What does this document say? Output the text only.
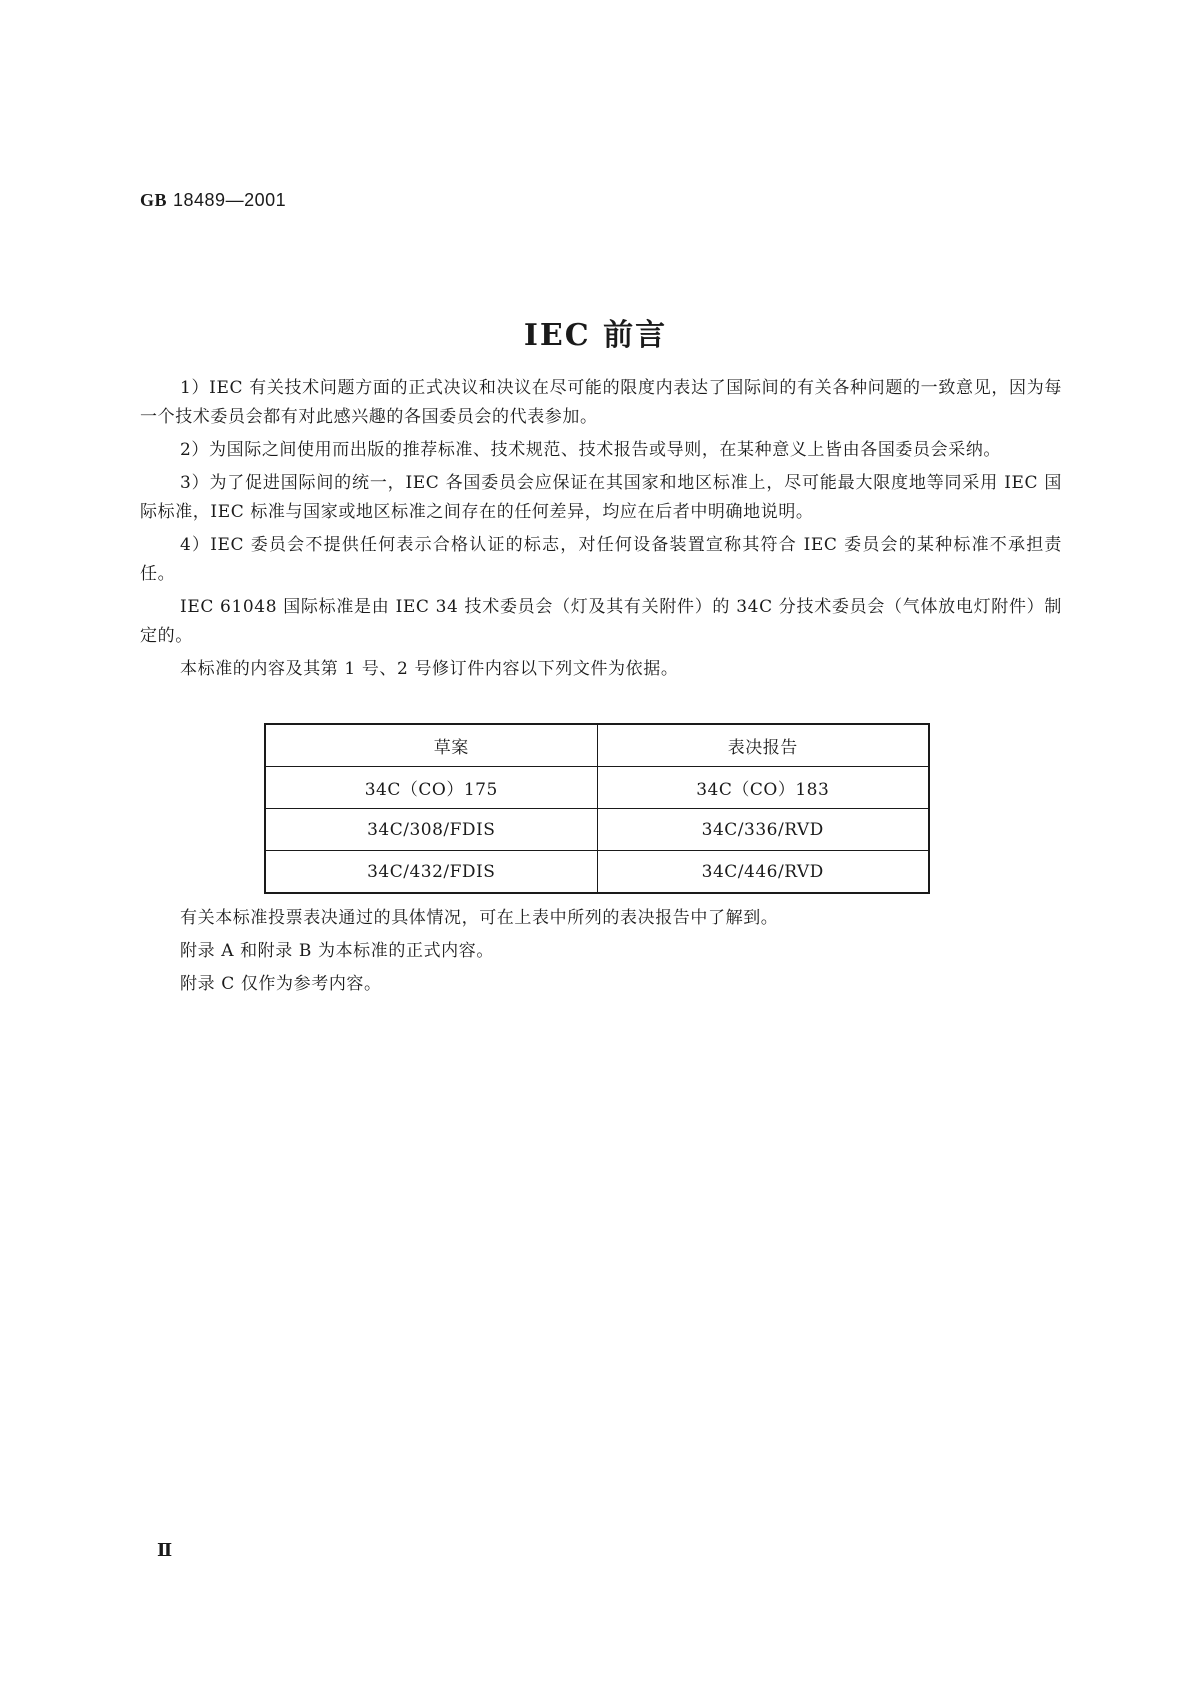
GB 18489—2001
IEC 前言

1）IEC 有关技术问题方面的正式决议和决议在尽可能的限度内表达了国际间的有关各种问题的一致意见，因为每一个技术委员会都有对此感兴趣的各国委员会的代表参加。

2）为国际之间使用而出版的推荐标准、技术规范、技术报告或导则，在某种意义上皆由各国委员会采纳。

3）为了促进国际间的统一，IEC 各国委员会应保证在其国家和地区标准上，尽可能最大限度地等同采用 IEC 国际标准，IEC 标准与国家或地区标准之间存在的任何差异，均应在后者中明确地说明。

4）IEC 委员会不提供任何表示合格认证的标志，对任何设备装置宣称其符合 IEC 委员会的某种标准不承担责任。

IEC 61048 国际标准是由 IEC 34 技术委员会（灯及其有关附件）的 34C 分技术委员会（气体放电灯附件）制定的。

本标准的内容及其第 1 号、2 号修订件内容以下列文件为依据。

草案	表决报告
34C（CO）175	34C（CO）183
34C/308/FDIS	34C/336/RVD
34C/432/FDIS	34C/446/RVD
有关本标准投票表决通过的具体情况，可在上表中所列的表决报告中了解到。
附录 A 和附录 B 为本标准的正式内容。
附录 C 仅作为参考内容。
Ⅱ
